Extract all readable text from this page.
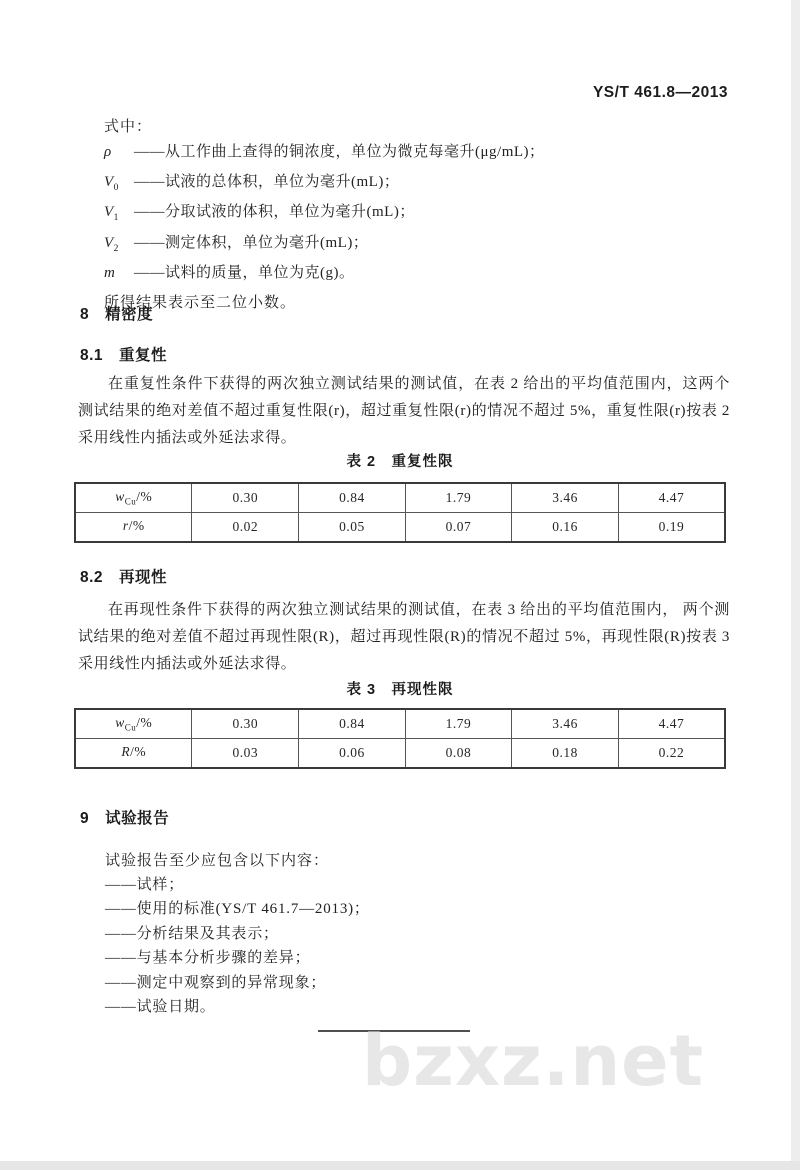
YS/T 461.8—2013
式中：
ρ	——从工作曲上查得的铜浓度，单位为微克每毫升(μg/mL)；
$V_0$	——试液的总体积，单位为毫升(mL)；
$V_1$	——分取试液的体积，单位为毫升(mL)；
$V_2$	——测定体积，单位为毫升(mL)；
m	——试料的质量，单位为克(g)。
所得结果表示至二位小数。
8　精密度
8.1　重复性
在重复性条件下获得的两次独立测试结果的测试值，在表 2 给出的平均值范围内，这两个测试结果的绝对差值不超过重复性限(r)，超过重复性限(r)的情况不超过 5%，重复性限(r)按表 2 采用线性内插法或外延法求得。
表 2　重复性限
$w_{Cu}/\%$	0.30	0.84	1.79	3.46	4.47
r/%	0.02	0.05	0.07	0.16	0.19
8.2　再现性
在再现性条件下获得的两次独立测试结果的测试值，在表 3 给出的平均值范围内， 两个测试结果的绝对差值不超过再现性限(R)，超过再现性限(R)的情况不超过 5%，再现性限(R)按表 3 采用线性内插法或外延法求得。
表 3　再现性限
$w_{Cu}/\%$	0.30	0.84	1.79	3.46	4.47
R/%	0.03	0.06	0.08	0.18	0.22
9　试验报告
试验报告至少应包含以下内容：
——试样；
——使用的标准(YS/T 461.7—2013)；
——分析结果及其表示；
——与基本分析步骤的差异；
——测定中观察到的异常现象；
——试验日期。
bzxz.net
